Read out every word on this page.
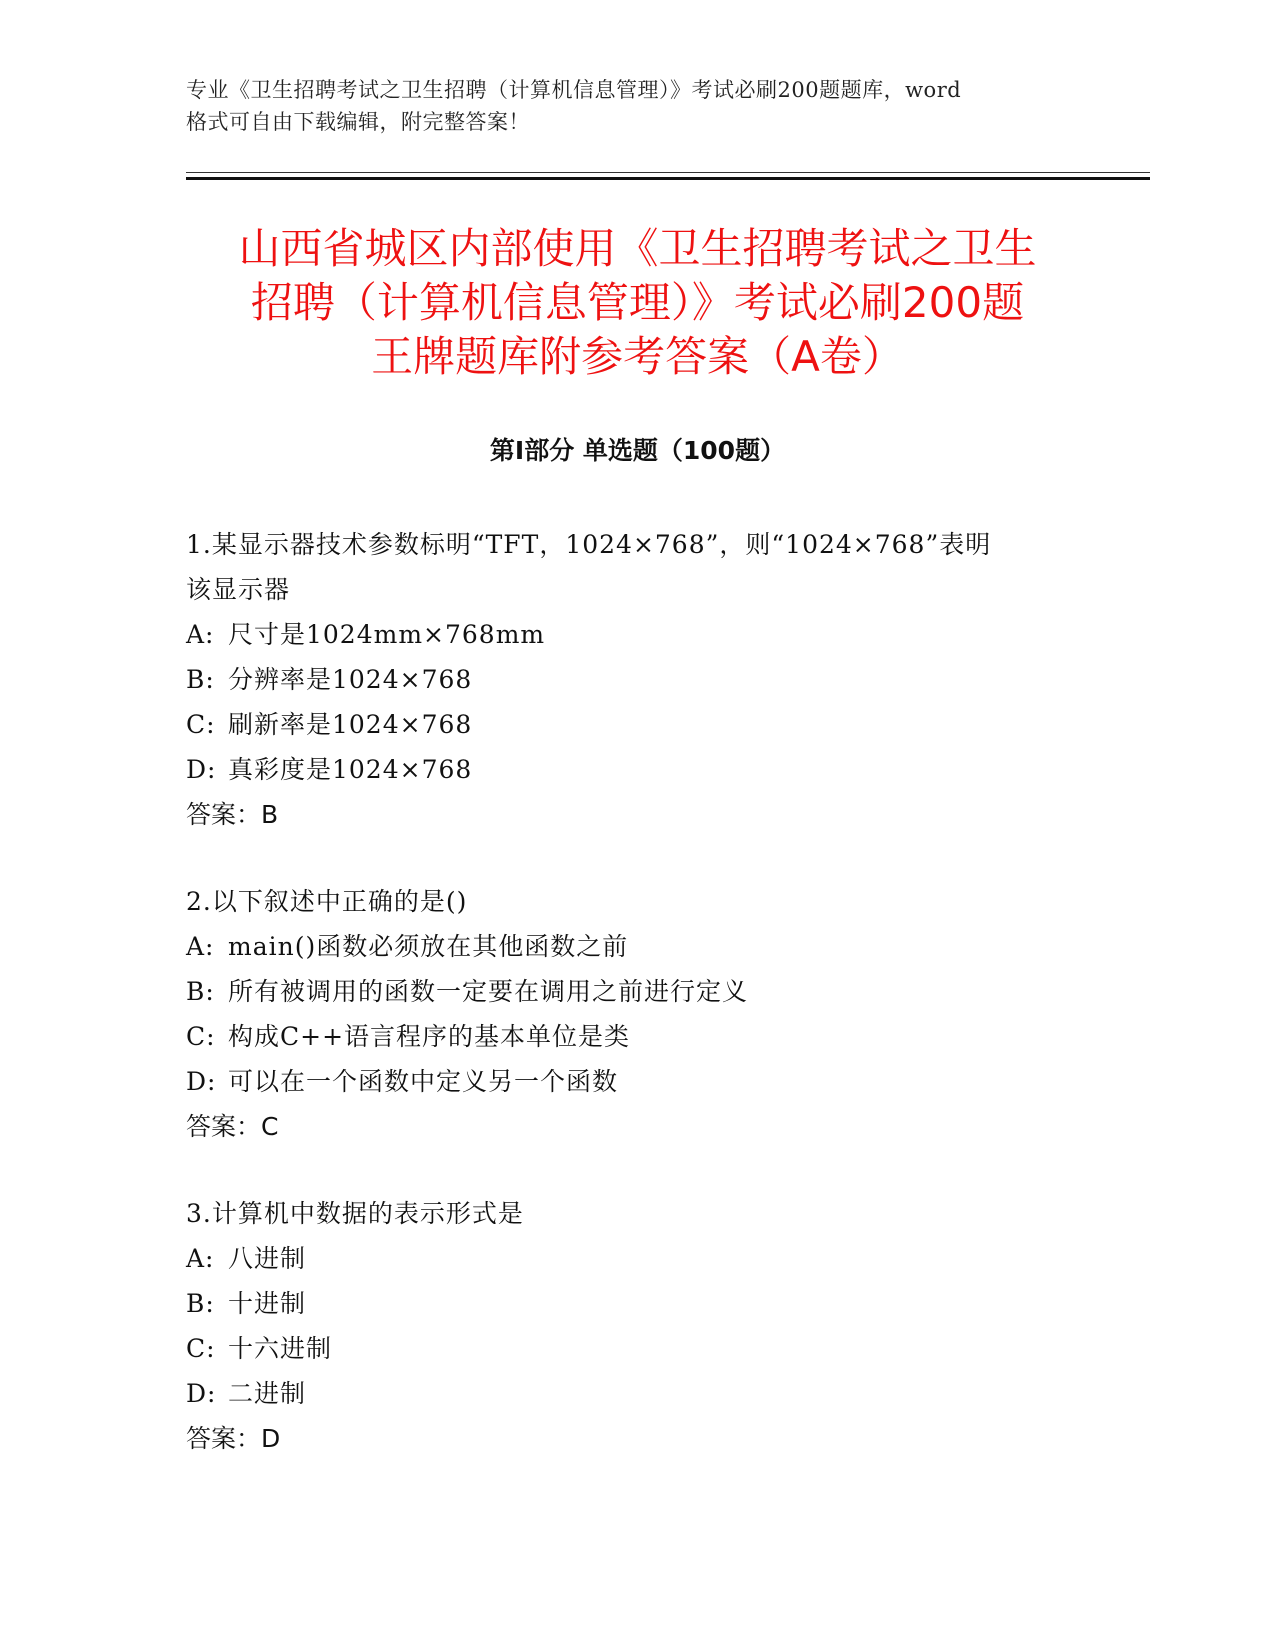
专业《卫生招聘考试之卫生招聘（计算机信息管理）》考试必刷200题题库，word
格式可自由下载编辑，附完整答案！
山西省城区内部使用《卫生招聘考试之卫生
招聘（计算机信息管理）》考试必刷200题
王牌题库附参考答案（A卷）
第Ⅰ部分 单选题（100题）
1.某显示器技术参数标明“TFT，1024×768”，则“1024×768”表明
该显示器
A: 尺寸是1024mm×768mm
B: 分辨率是1024×768
C: 刷新率是1024×768
D: 真彩度是1024×768
答案：B
2.以下叙述中正确的是()
A: main()函数必须放在其他函数之前
B: 所有被调用的函数一定要在调用之前进行定义
C: 构成C++语言程序的基本单位是类
D: 可以在一个函数中定义另一个函数
答案：C
3.计算机中数据的表示形式是
A: 八进制
B: 十进制
C: 十六进制
D: 二进制
答案：D
